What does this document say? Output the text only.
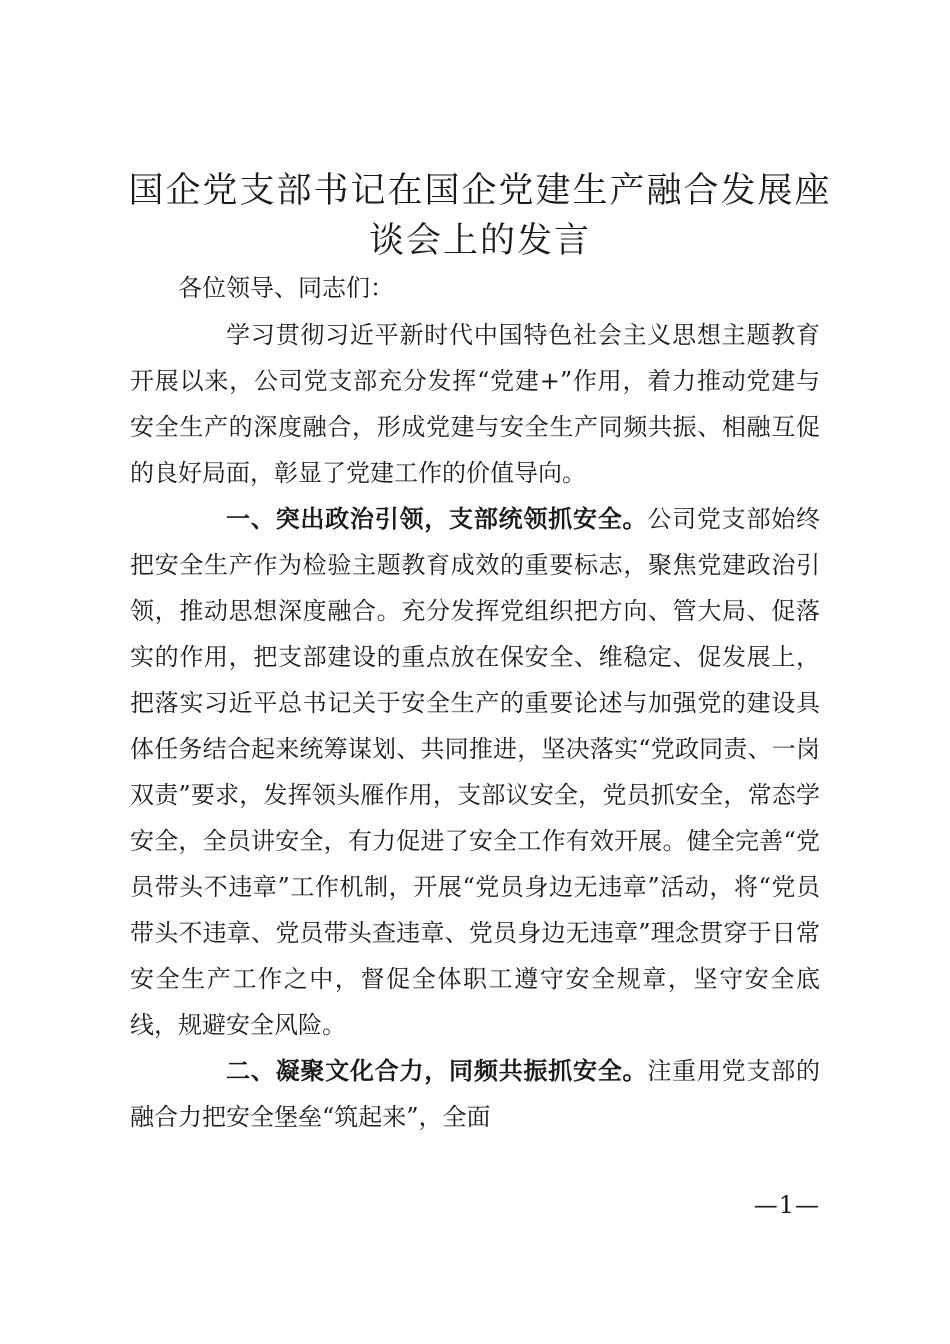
国企党支部书记在国企党建生产融合发展座谈会上的发言

各位领导、同志们：

学习贯彻习近平新时代中国特色社会主义思想主题教育开展以来，公司党支部充分发挥“党建+”作用，着力推动党建与安全生产的深度融合，形成党建与安全生产同频共振、相融互促的良好局面，彰显了党建工作的价值导向。

一、突出政治引领，支部统领抓安全。公司党支部始终把安全生产作为检验主题教育成效的重要标志，聚焦党建政治引领，推动思想深度融合。充分发挥党组织把方向、管大局、促落实的作用，把支部建设的重点放在保安全、维稳定、促发展上，把落实习近平总书记关于安全生产的重要论述与加强党的建设具体任务结合起来统筹谋划、共同推进，坚决落实“党政同责、一岗双责”要求，发挥领头雁作用，支部议安全，党员抓安全，常态学安全，全员讲安全，有力促进了安全工作有效开展。健全完善“党员带头不违章”工作机制，开展“党员身边无违章”活动，将“党员带头不违章、党员带头查违章、党员身边无违章”理念贯穿于日常安全生产工作之中，督促全体职工遵守安全规章，坚守安全底线，规避安全风险。

二、凝聚文化合力，同频共振抓安全。注重用党支部的融合力把安全堡垒“筑起来”，全面

—1—
